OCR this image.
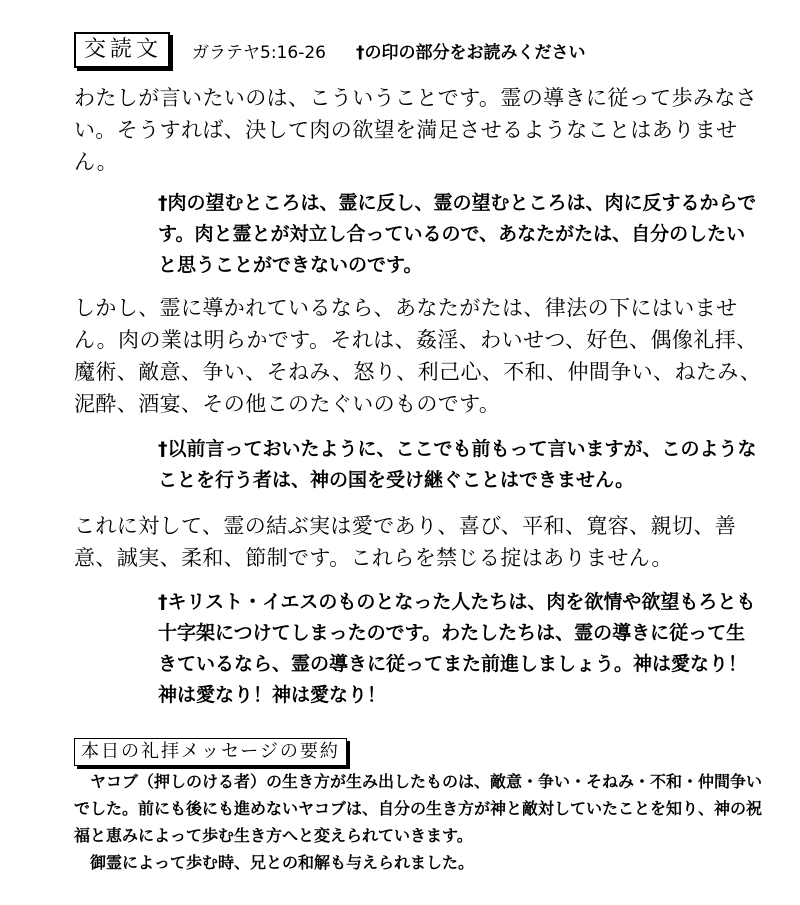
交読文	ガラテヤ5:16-26 †の印の部分をお読みください
わたしが言いたいのは、こういうことです。霊の導きに従って歩みなさい。そうすれば、決して肉の欲望を満足させるようなことはありません。
†肉の望むところは、霊に反し、霊の望むところは、肉に反するからです。肉と霊とが対立し合っているので、あなたがたは、自分のしたいと思うことができないのです。
しかし、霊に導かれているなら、あなたがたは、律法の下にはいません。肉の業は明らかです。それは、姦淫、わいせつ、好色、偶像礼拝、魔術、敵意、争い、そねみ、怒り、利己心、不和、仲間争い、ねたみ、泥酔、酒宴、その他このたぐいのものです。
†以前言っておいたように、ここでも前もって言いますが、このようなことを行う者は、神の国を受け継ぐことはできません。
これに対して、霊の結ぶ実は愛であり、喜び、平和、寛容、親切、善意、誠実、柔和、節制です。これらを禁じる掟はありません。
†キリスト・イエスのものとなった人たちは、肉を欲情や欲望もろとも十字架につけてしまったのです。わたしたちは、霊の導きに従って生きているなら、霊の導きに従ってまた前進しましょう。神は愛なり！神は愛なり！神は愛なり！
本日の礼拝メッセージの要約

ヤコブ（押しのける者）の生き方が生み出したものは、敵意・争い・そねみ・不和・仲間争いでした。前にも後にも進めないヤコブは、自分の生き方が神と敵対していたことを知り、神の祝福と恵みによって歩む生き方へと変えられていきます。

御霊によって歩む時、兄との和解も与えられました。
